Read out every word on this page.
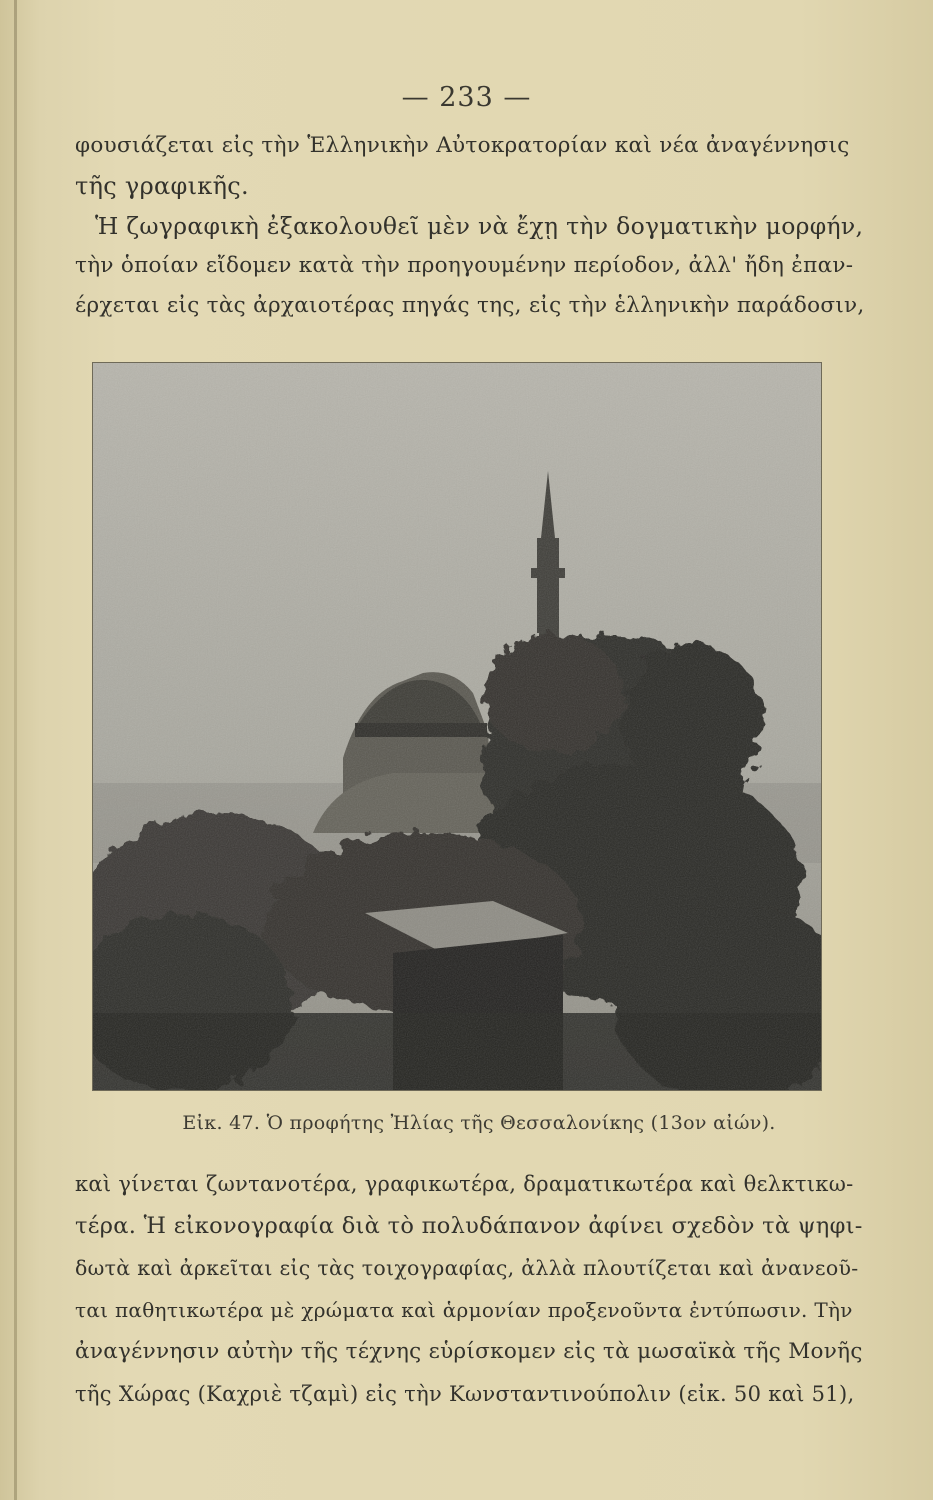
— 233 —
φουσιάζεται εἰς τὴν Ἑλληνικὴν Αὐτοκρατορίαν καὶ νέα ἀναγέννησις
τῆς γραφικῆς.
Ἡ ζωγραφικὴ ἐξακολουθεῖ μὲν νὰ ἔχῃ τὴν δογματικὴν μορφήν,
τὴν ὁποίαν εἴδομεν κατὰ τὴν προηγουμένην περίοδον, ἀλλ' ἤδη ἐπαν-
έρχεται εἰς τὰς ἀρχαιοτέρας πηγάς της, εἰς τὴν ἑλληνικὴν παράδοσιν,
Εἰκ. 47. Ὁ προφήτης Ἠλίας τῆς Θεσσαλονίκης (13ον αἰών).
καὶ γίνεται ζωντανοτέρα, γραφικωτέρα, δραματικωτέρα καὶ θελκτικω-
τέρα. Ἡ εἰκονογραφία διὰ τὸ πολυδάπανον ἀφίνει σχεδὸν τὰ ψηφι-
δωτὰ καὶ ἀρκεῖται εἰς τὰς τοιχογραφίας, ἀλλὰ πλουτίζεται καὶ ἀνανεοῦ-
ται παθητικωτέρα μὲ χρώματα καὶ ἁρμονίαν προξενοῦντα ἐντύπωσιν. Τὴν
ἀναγέννησιν αὐτὴν τῆς τέχνης εὑρίσκομεν εἰς τὰ μωσαϊκὰ τῆς Μονῆς
τῆς Χώρας (Καχριὲ τζαμὶ) εἰς τὴν Κωνσταντινούπολιν (εἰκ. 50 καὶ 51),
